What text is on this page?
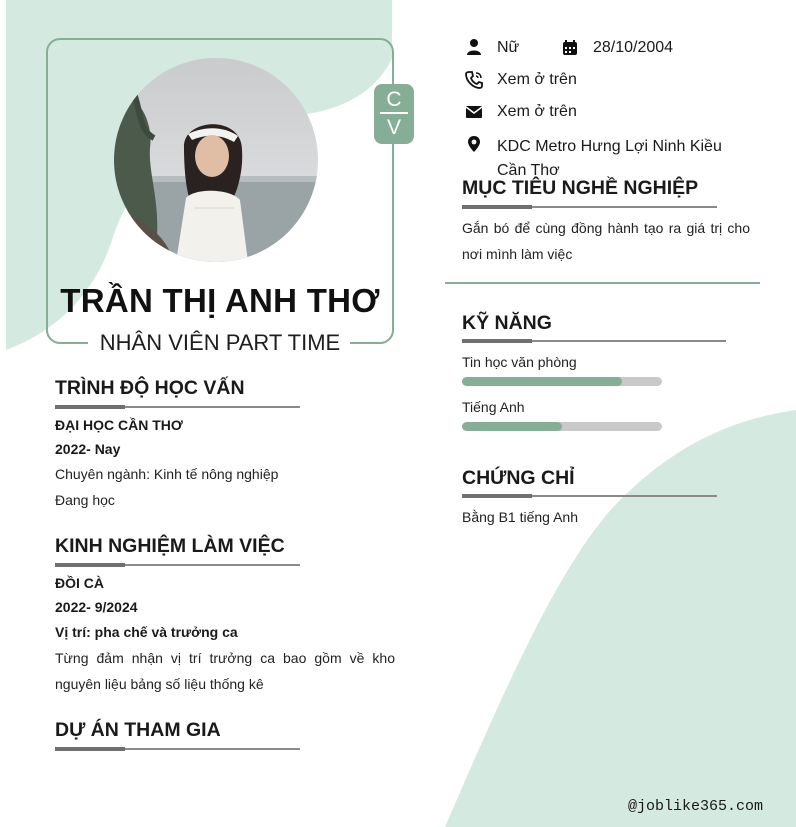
C
V
TRẦN THỊ ANH THƠ
NHÂN VIÊN PART TIME
TRÌNH ĐỘ HỌC VẤN
ĐẠI HỌC CẦN THƠ
2022- Nay
Chuyên ngành: Kinh tế nông nghiệp
Đang học
KINH NGHIỆM LÀM VIỆC
ĐỒI CÀ
2022- 9/2024
Vị trí: pha chế và trưởng ca
Từng đảm nhận vị trí trưởng ca bao gồm về kho nguyên liệu bảng số liệu thống kê
DỰ ÁN THAM GIA
Nữ	28/10/2004
Xem ở trên
Xem ở trên
KDC Metro Hưng Lợi Ninh Kiều
Cần Thơ
MỤC TIÊU NGHỀ NGHIỆP
Gắn bó để cùng đồng hành tạo ra giá trị cho nơi mình làm việc
KỸ NĂNG
Tin học văn phòng
Tiếng Anh
CHỨNG CHỈ
Bằng B1 tiếng Anh
@joblike365.com
